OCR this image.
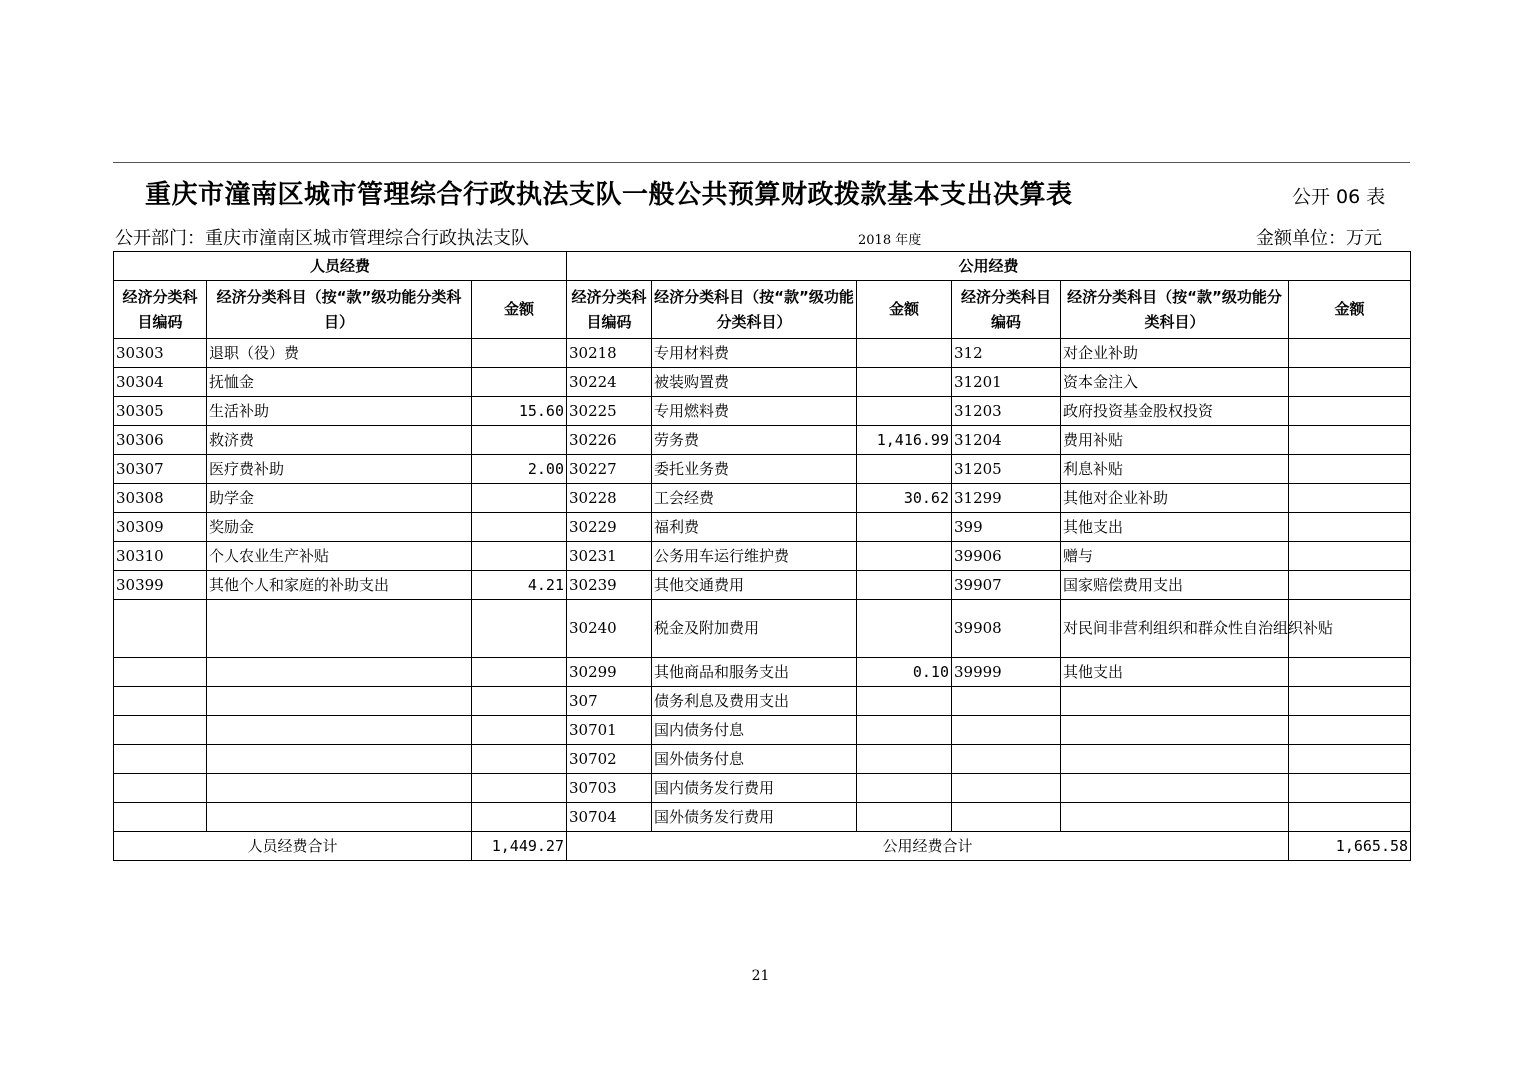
重庆市潼南区城市管理综合行政执法支队一般公共预算财政拨款基本支出决算表	公开 06 表
公开部门：重庆市潼南区城市管理综合行政执法支队	2018 年度	金额单位：万元
人员经费			公用经费					
经济分类科目编码	经济分类科目（按“款”级功能分类科目）	金额	经济分类科目编码	经济分类科目（按“款”级功能分类科目）	金额	经济分类科目编码	经济分类科目（按“款”级功能分类科目）	金额
30303	退职（役）费		30218	专用材料费		312	对企业补助	
30304	抚恤金		30224	被装购置费		31201	资本金注入	
30305	生活补助	15.60	30225	专用燃料费		31203	政府投资基金股权投资	
30306	救济费		30226	劳务费	1,416.99	31204	费用补贴	
30307	医疗费补助	2.00	30227	委托业务费		31205	利息补贴	
30308	助学金		30228	工会经费	30.62	31299	其他对企业补助	
30309	奖励金		30229	福利费		399	其他支出	
30310	个人农业生产补贴		30231	公务用车运行维护费		39906	赠与	
30399	其他个人和家庭的补助支出	4.21	30239	其他交通费用		39907	国家赔偿费用支出	
			30240	税金及附加费用		39908	对民间非营利组织和群众性自治组织补贴	
			30299	其他商品和服务支出	0.10	39999	其他支出	
			307	债务利息及费用支出				
			30701	国内债务付息				
			30702	国外债务付息				
			30703	国内债务发行费用				
			30704	国外债务发行费用				
人员经费合计		1,449.27	公用经费合计					1,665.58
21
